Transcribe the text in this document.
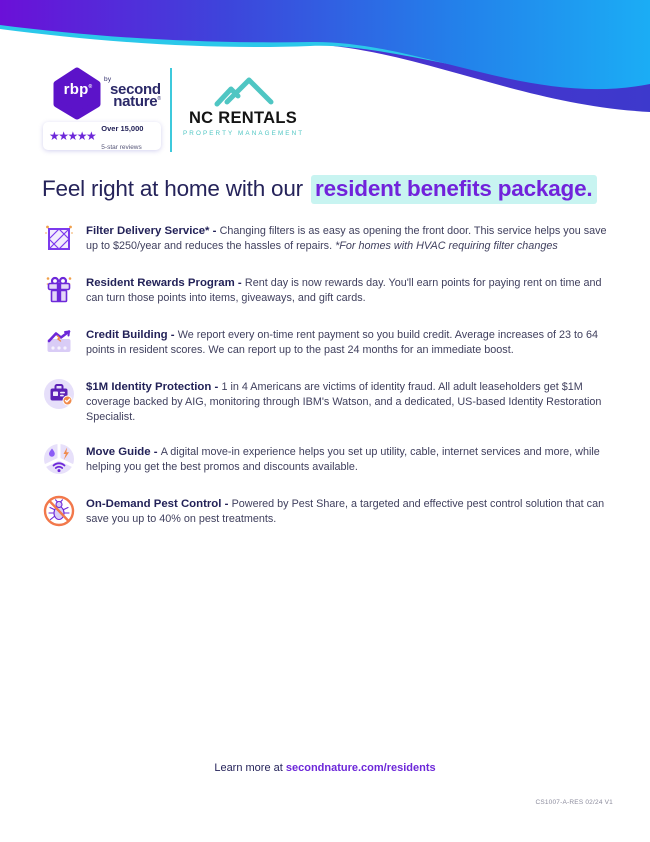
rbp®
by
second
nature®
★★★★★
Over 15,000
5-star reviews
NC RENTALS
PROPERTY MANAGEMENT
Feel right at home with our resident benefits package.
Filter Delivery Service* - Changing filters is as easy as opening the front door. This service helps you save up to $250/year and reduces the hassles of repairs. *For homes with HVAC requiring filter changes
Resident Rewards Program - Rent day is now rewards day. You'll earn points for paying rent on time and can turn those points into items, giveaways, and gift cards.
Credit Building - We report every on-time rent payment so you build credit. Average increases of 23 to 64 points in resident scores. We can report up to the past 24 months for an immediate boost.
$1M Identity Protection - 1 in 4 Americans are victims of identity fraud. All adult leaseholders get $1M coverage backed by AIG, monitoring through IBM's Watson, and a dedicated, US-based Identity Restoration Specialist.
Move Guide - A digital move-in experience helps you set up utility, cable, internet services and more, while helping you get the best promos and discounts available.
On-Demand Pest Control - Powered by Pest Share, a targeted and effective pest control solution that can save you up to 40% on pest treatments.
Learn more at secondnature.com/residents
CS1007-A-RES 02/24 V1
